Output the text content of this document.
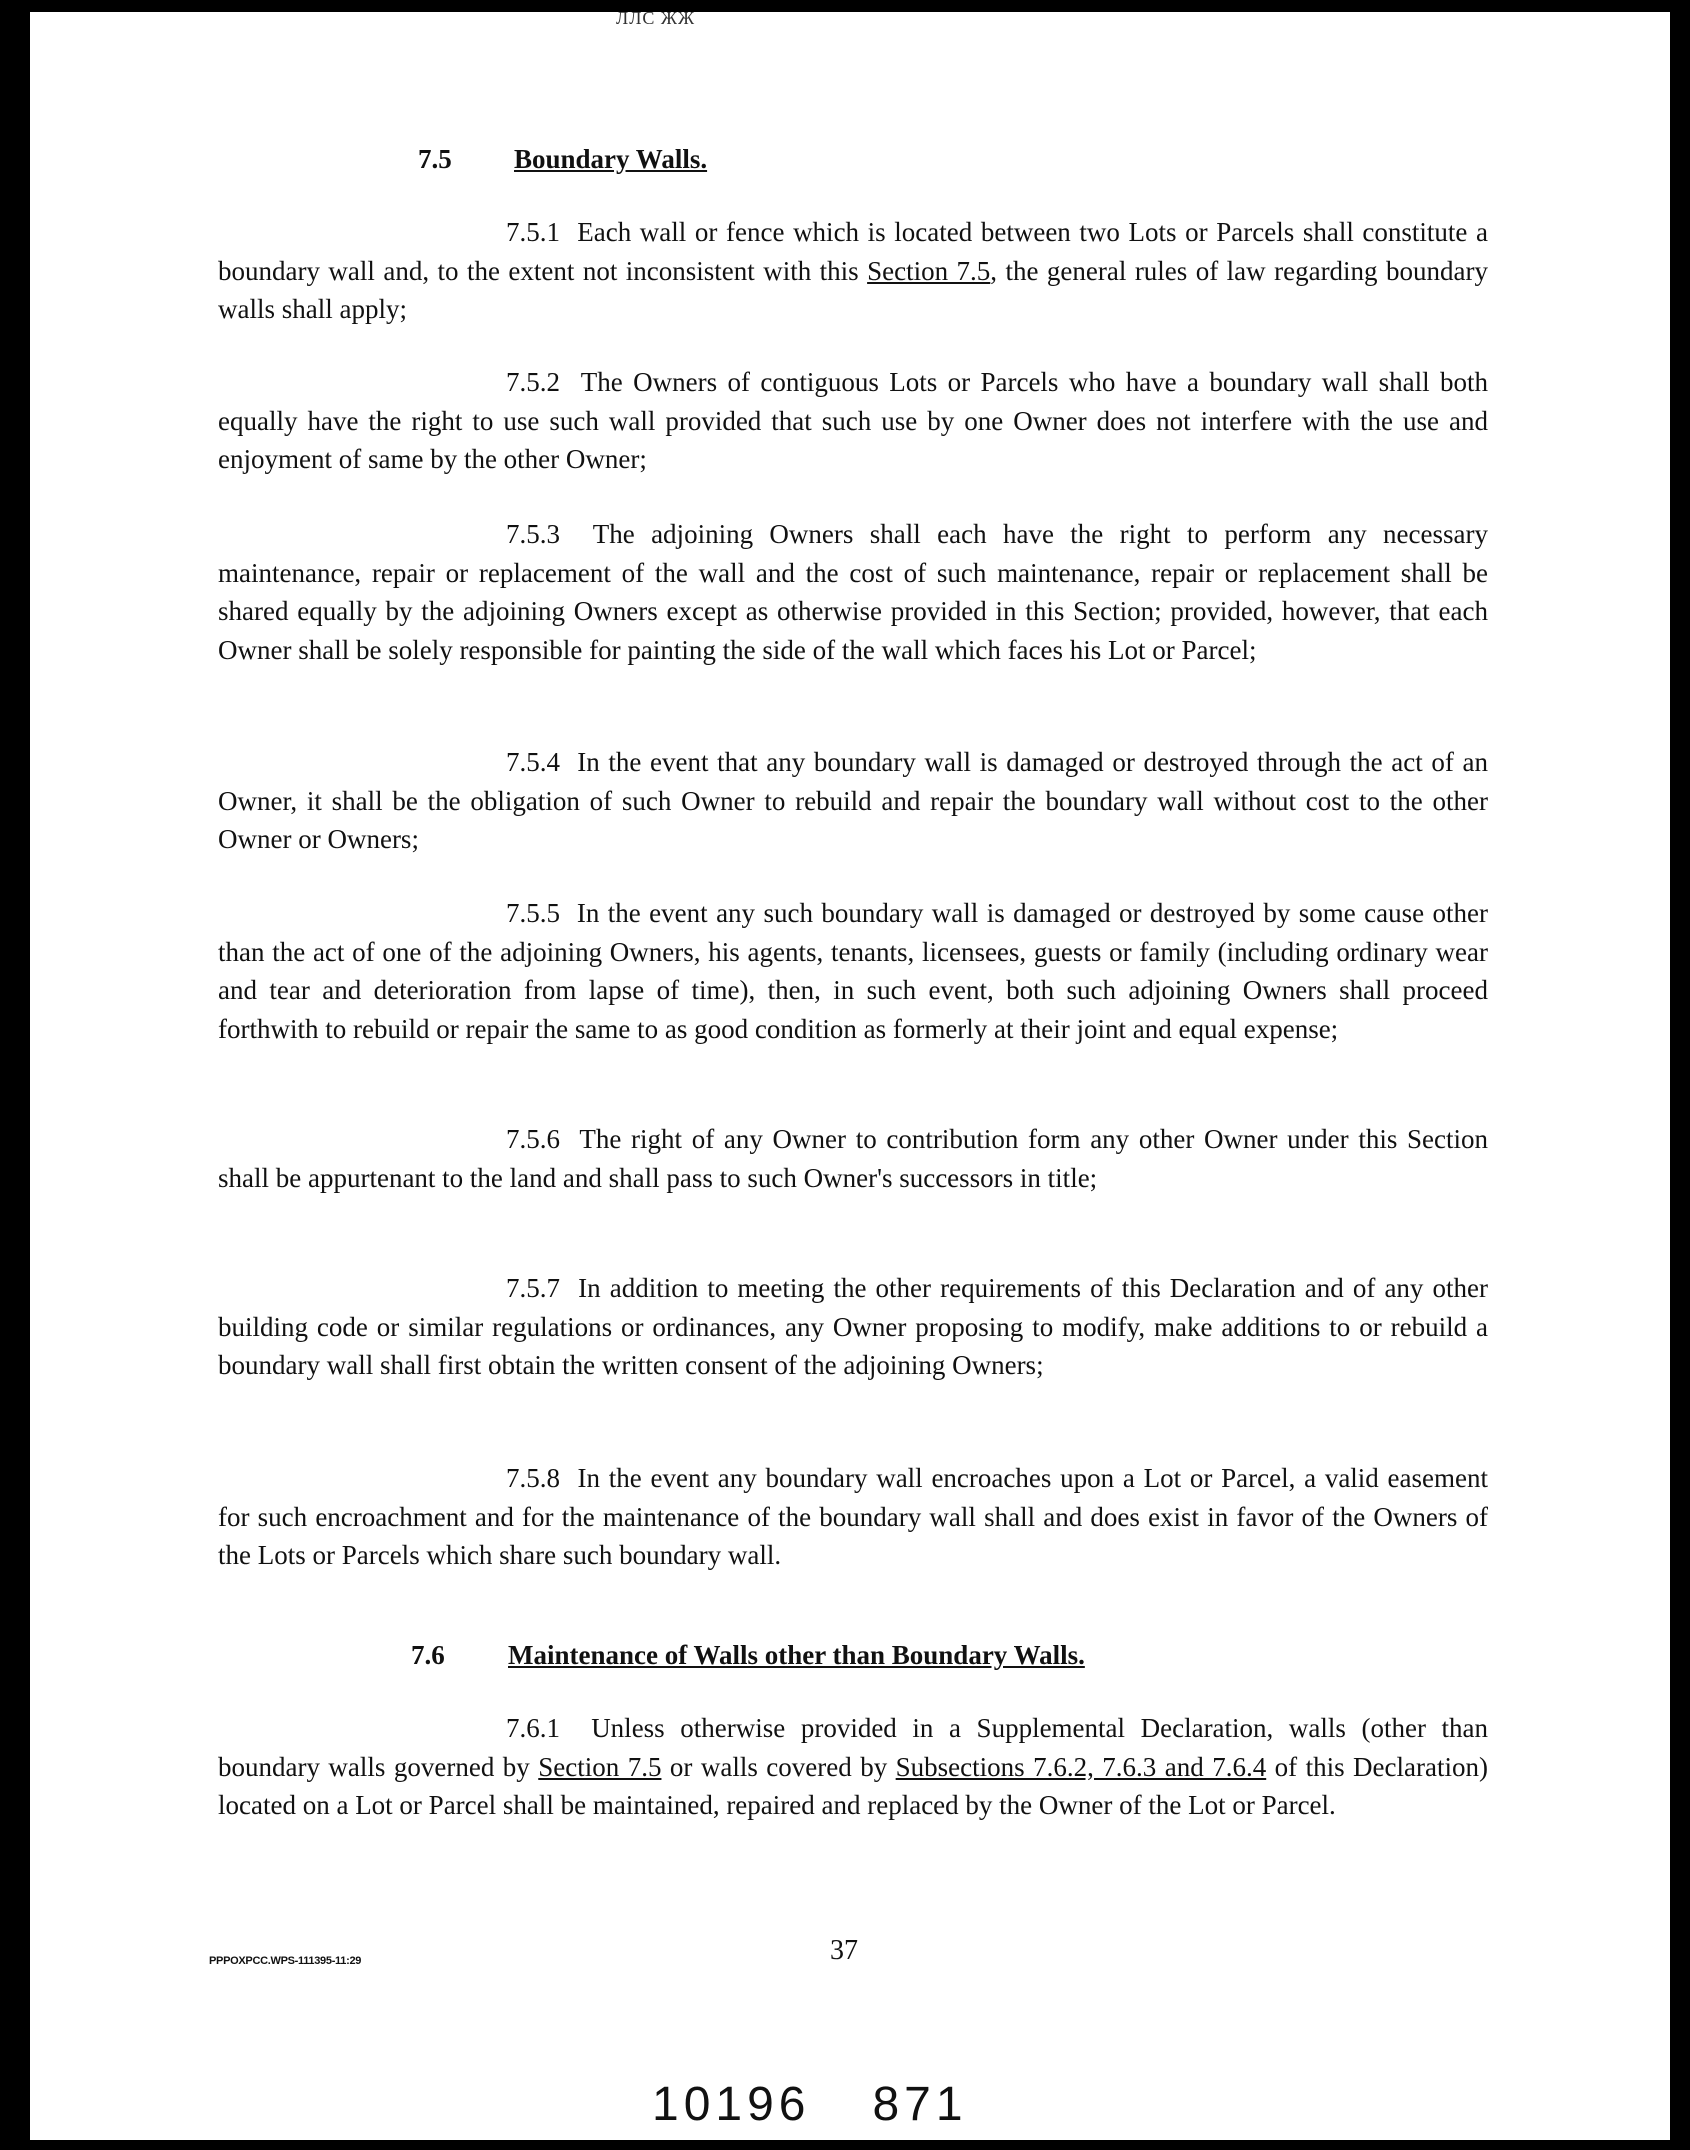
ЛЛС ЖЖ
7.5 Boundary Walls.
7.5.1 Each wall or fence which is located between two Lots or Parcels shall constitute a boundary wall and, to the extent not inconsistent with this Section 7.5, the general rules of law regarding boundary walls shall apply;
7.5.2 The Owners of contiguous Lots or Parcels who have a boundary wall shall both equally have the right to use such wall provided that such use by one Owner does not interfere with the use and enjoyment of same by the other Owner;
7.5.3 The adjoining Owners shall each have the right to perform any necessary maintenance, repair or replacement of the wall and the cost of such maintenance, repair or replacement shall be shared equally by the adjoining Owners except as otherwise provided in this Section; provided, however, that each Owner shall be solely responsible for painting the side of the wall which faces his Lot or Parcel;
7.5.4 In the event that any boundary wall is damaged or destroyed through the act of an Owner, it shall be the obligation of such Owner to rebuild and repair the boundary wall without cost to the other Owner or Owners;
7.5.5 In the event any such boundary wall is damaged or destroyed by some cause other than the act of one of the adjoining Owners, his agents, tenants, licensees, guests or family (including ordinary wear and tear and deterioration from lapse of time), then, in such event, both such adjoining Owners shall proceed forthwith to rebuild or repair the same to as good condition as formerly at their joint and equal expense;
7.5.6 The right of any Owner to contribution form any other Owner under this Section shall be appurtenant to the land and shall pass to such Owner's successors in title;
7.5.7 In addition to meeting the other requirements of this Declaration and of any other building code or similar regulations or ordinances, any Owner proposing to modify, make additions to or rebuild a boundary wall shall first obtain the written consent of the adjoining Owners;
7.5.8 In the event any boundary wall encroaches upon a Lot or Parcel, a valid easement for such encroachment and for the maintenance of the boundary wall shall and does exist in favor of the Owners of the Lots or Parcels which share such boundary wall.
7.6 Maintenance of Walls other than Boundary Walls.
7.6.1 Unless otherwise provided in a Supplemental Declaration, walls (other than boundary walls governed by Section 7.5 or walls covered by Subsections 7.6.2, 7.6.3 and 7.6.4 of this Declaration) located on a Lot or Parcel shall be maintained, repaired and replaced by the Owner of the Lot or Parcel.
PPPOXPCC.WPS-111395-11:29	37
10196 871
